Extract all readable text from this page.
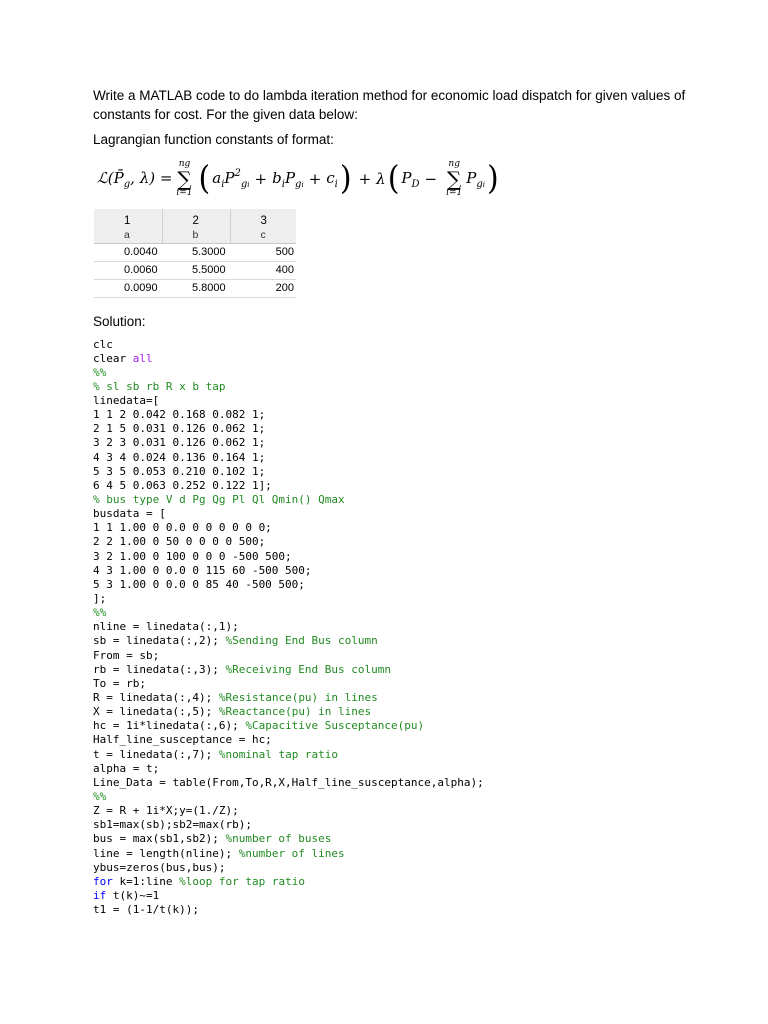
Write a MATLAB code to do lambda iteration method for economic load dispatch for given values of constants for cost. For the given data below:

Lagrangian function constants of format:

$ℒ(P̄_g$, λ) =
ng
∑
i=1 ( $a_iP^2_{gi} + b_iP_{gi} + c_i$ ) + λ ( $P_D$ −
ng
∑
i=1
$P_{gi}$ )
1	2	3
a	b	c
0.0040	5.3000	500
0.0060	5.5000	400
0.0090	5.8000	200

Solution:

clc
clear all
%%
% sl sb rb R x b tap
linedata=[
1 1 2 0.042 0.168 0.082 1;
2 1 5 0.031 0.126 0.062 1;
3 2 3 0.031 0.126 0.062 1;
4 3 4 0.024 0.136 0.164 1;
5 3 5 0.053 0.210 0.102 1;
6 4 5 0.063 0.252 0.122 1];
% bus type V d Pg Qg Pl Ql Qmin() Qmax
busdata = [
1 1 1.00 0 0.0 0 0 0 0 0 0;
2 2 1.00 0 50 0 0 0 0 500;
3 2 1.00 0 100 0 0 0 -500 500;
4 3 1.00 0 0.0 0 115 60 -500 500;
5 3 1.00 0 0.0 0 85 40 -500 500;
];
%%
nline = linedata(:,1);
sb = linedata(:,2); %Sending End Bus column
From = sb;
rb = linedata(:,3); %Receiving End Bus column
To = rb;
R = linedata(:,4); %Resistance(pu) in lines
X = linedata(:,5); %Reactance(pu) in lines
hc = 1i*linedata(:,6); %Capacitive Susceptance(pu)
Half_line_susceptance = hc;
t = linedata(:,7); %nominal tap ratio
alpha = t;
Line_Data = table(From,To,R,X,Half_line_susceptance,alpha);
%%
Z = R + 1i*X;y=(1./Z);
sb1=max(sb);sb2=max(rb);
bus = max(sb1,sb2); %number of buses
line = length(nline); %number of lines
ybus=zeros(bus,bus);
for k=1:line %loop for tap ratio
if t(k)~=1
t1 = (1-1/t(k));
